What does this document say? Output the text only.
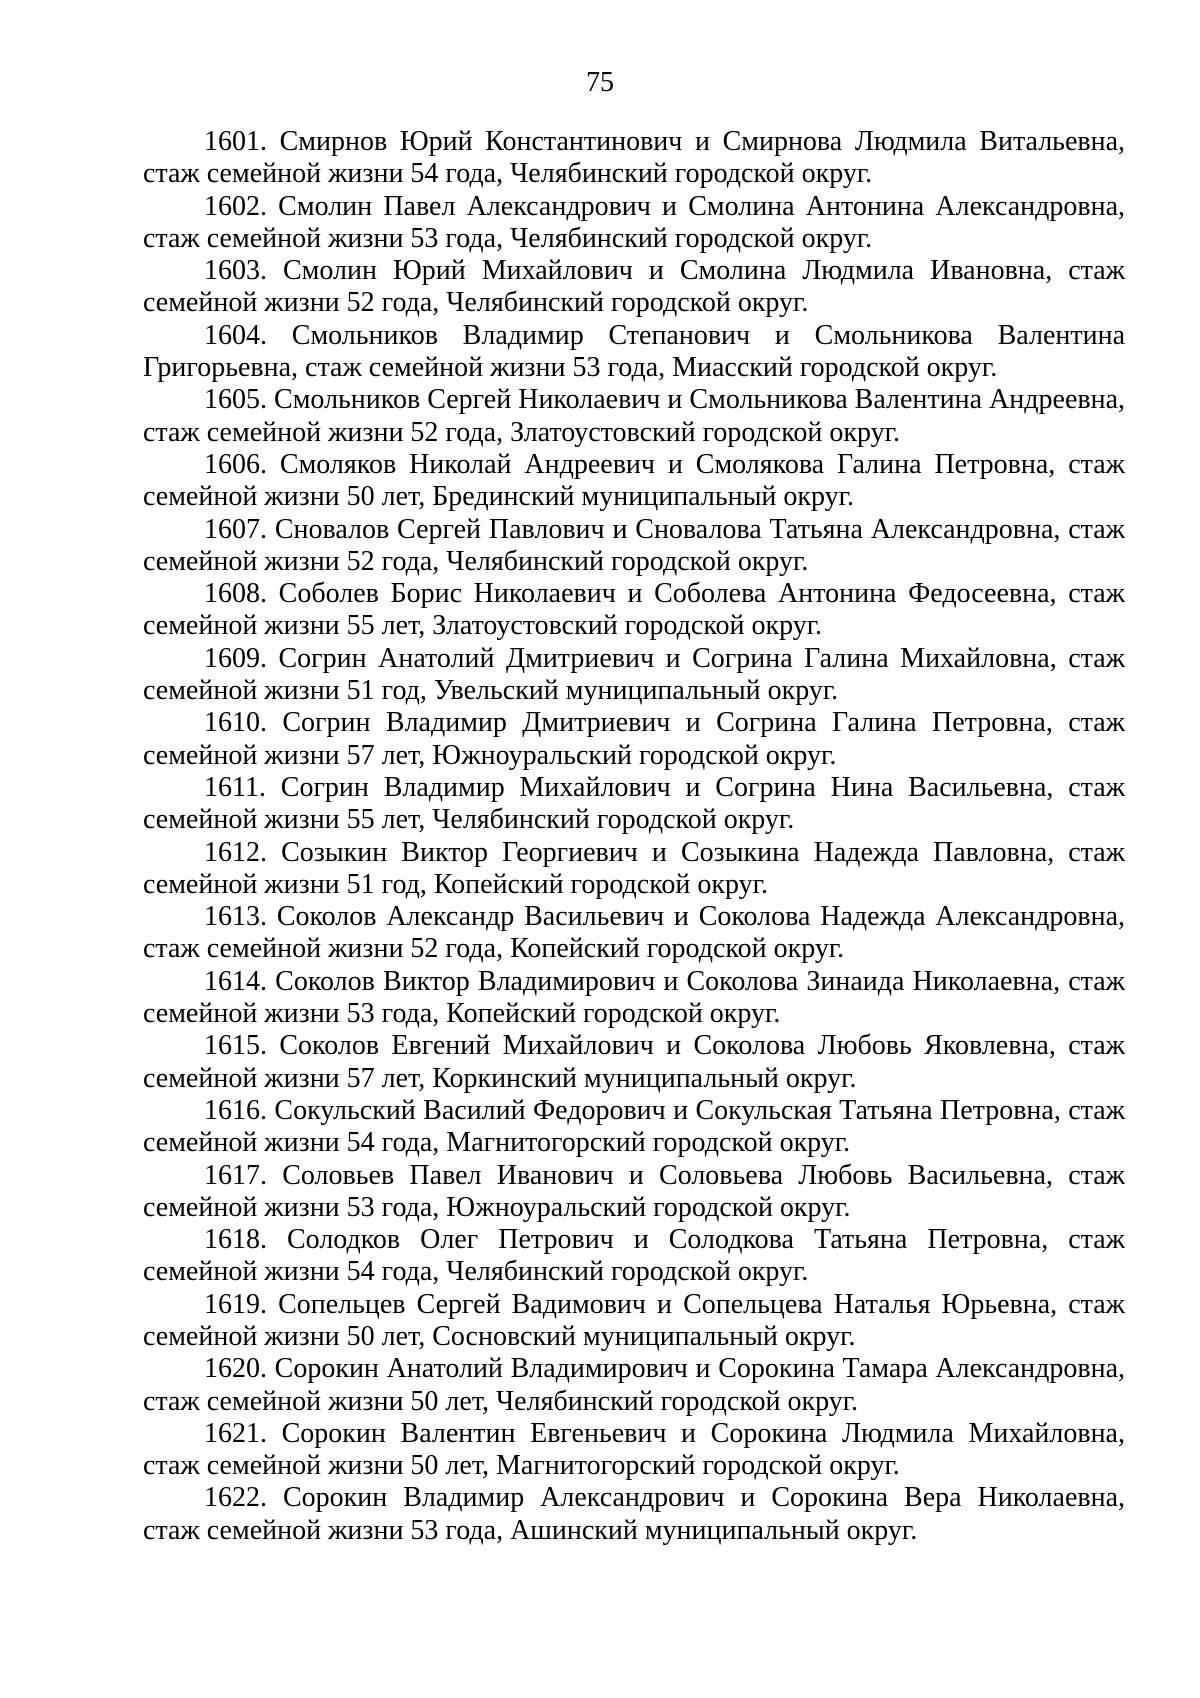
75

1601. Смирнов Юрий Константинович и Смирнова Людмила Витальевна, стаж семейной жизни 54 года, Челябинский городской округ.

1602. Смолин Павел Александрович и Смолина Антонина Александровна, стаж семейной жизни 53 года, Челябинский городской округ.

1603. Смолин Юрий Михайлович и Смолина Людмила Ивановна, стаж семейной жизни 52 года, Челябинский городской округ.

1604. Смольников Владимир Степанович и Смольникова Валентина Григорьевна, стаж семейной жизни 53 года, Миасский городской округ.

1605. Смольников Сергей Николаевич и Смольникова Валентина Андреевна, стаж семейной жизни 52 года, Златоустовский городской округ.

1606. Смоляков Николай Андреевич и Смолякова Галина Петровна, стаж семейной жизни 50 лет, Брединский муниципальный округ.

1607. Сновалов Сергей Павлович и Сновалова Татьяна Александровна, стаж семейной жизни 52 года, Челябинский городской округ.

1608. Соболев Борис Николаевич и Соболева Антонина Федосеевна, стаж семейной жизни 55 лет, Златоустовский городской округ.

1609. Согрин Анатолий Дмитриевич и Согрина Галина Михайловна, стаж семейной жизни 51 год, Увельский муниципальный округ.

1610. Согрин Владимир Дмитриевич и Согрина Галина Петровна, стаж семейной жизни 57 лет, Южноуральский городской округ.

1611. Согрин Владимир Михайлович и Согрина Нина Васильевна, стаж семейной жизни 55 лет, Челябинский городской округ.

1612. Созыкин Виктор Георгиевич и Созыкина Надежда Павловна, стаж семейной жизни 51 год, Копейский городской округ.

1613. Соколов Александр Васильевич и Соколова Надежда Александровна, стаж семейной жизни 52 года, Копейский городской округ.

1614. Соколов Виктор Владимирович и Соколова Зинаида Николаевна, стаж семейной жизни 53 года, Копейский городской округ.

1615. Соколов Евгений Михайлович и Соколова Любовь Яковлевна, стаж семейной жизни 57 лет, Коркинский муниципальный округ.

1616. Сокульский Василий Федорович и Сокульская Татьяна Петровна, стаж семейной жизни 54 года, Магнитогорский городской округ.

1617. Соловьев Павел Иванович и Соловьева Любовь Васильевна, стаж семейной жизни 53 года, Южноуральский городской округ.

1618. Солодков Олег Петрович и Солодкова Татьяна Петровна, стаж семейной жизни 54 года, Челябинский городской округ.

1619. Сопельцев Сергей Вадимович и Сопельцева Наталья Юрьевна, стаж семейной жизни 50 лет, Сосновский муниципальный округ.

1620. Сорокин Анатолий Владимирович и Сорокина Тамара Александровна, стаж семейной жизни 50 лет, Челябинский городской округ.

1621. Сорокин Валентин Евгеньевич и Сорокина Людмила Михайловна, стаж семейной жизни 50 лет, Магнитогорский городской округ.

1622. Сорокин Владимир Александрович и Сорокина Вера Николаевна, стаж семейной жизни 53 года, Ашинский муниципальный округ.
